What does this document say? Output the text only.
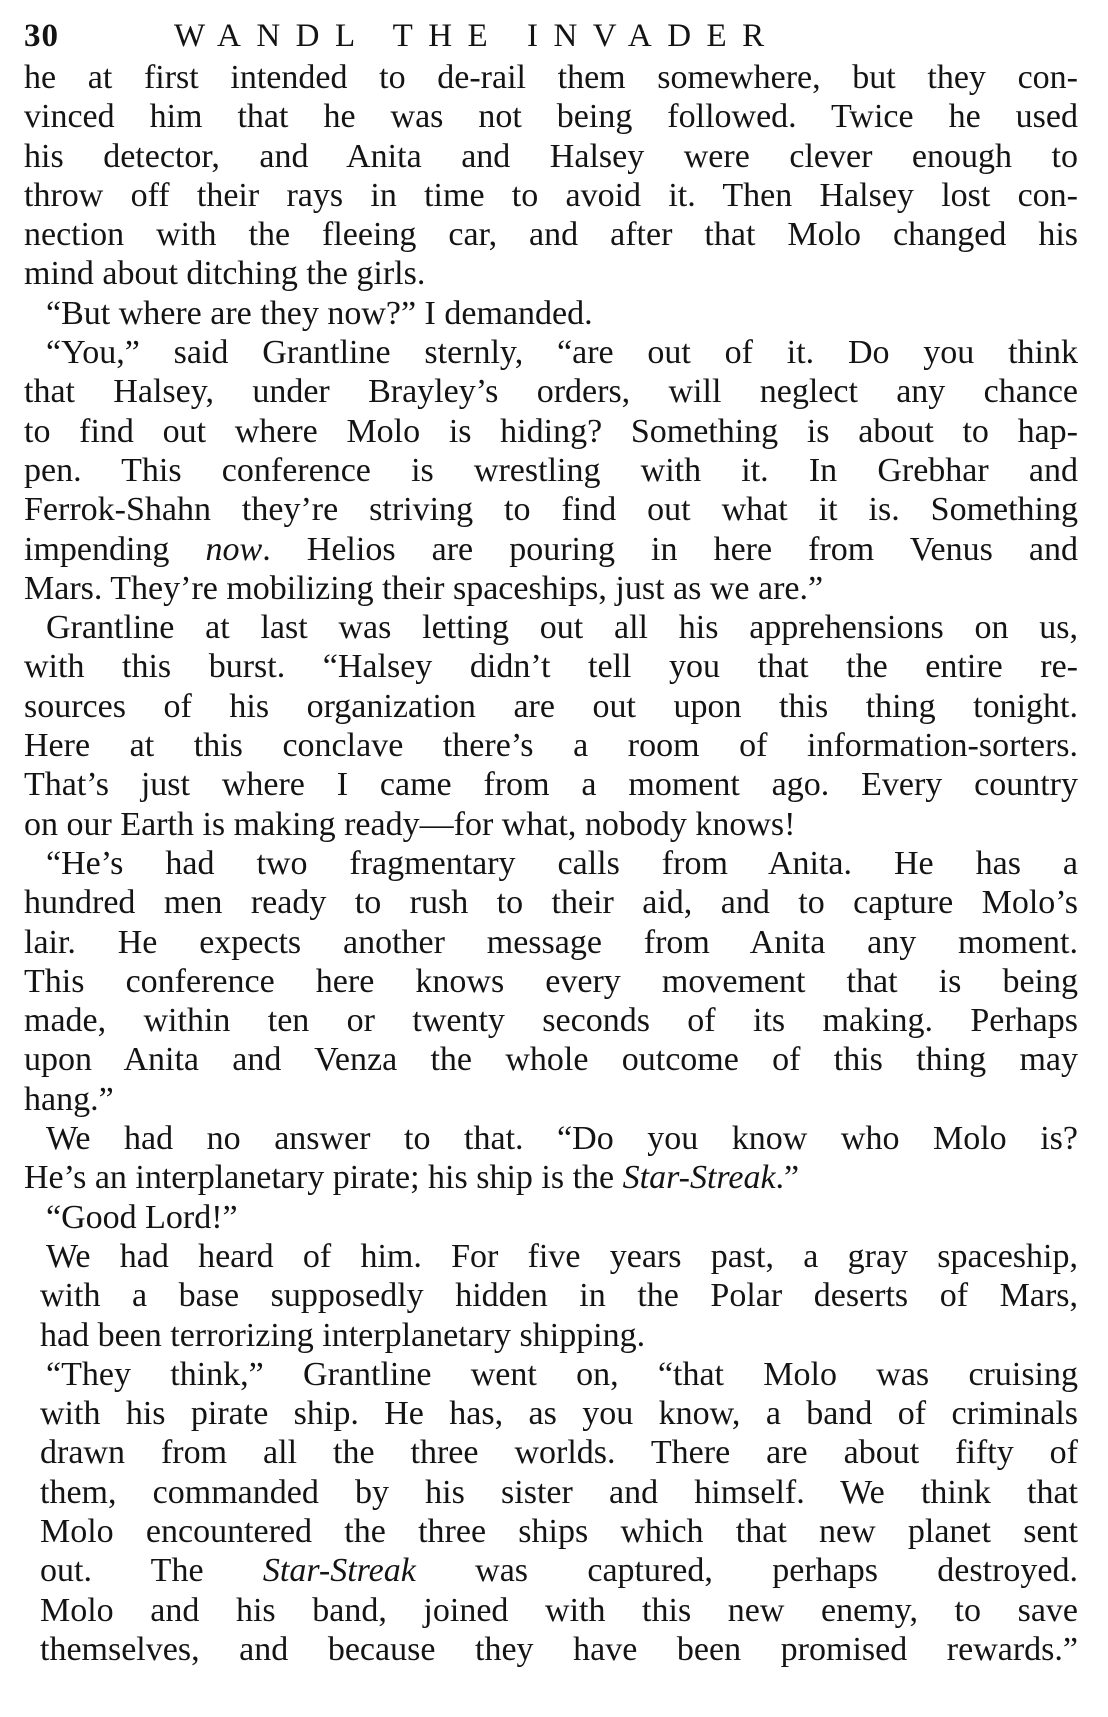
30	WANDL THE INVADER
he at first intended to de-rail them somewhere, but they con-
vinced him that he was not being followed. Twice he used
his detector, and Anita and Halsey were clever enough to
throw off their rays in time to avoid it. Then Halsey lost con-
nection with the fleeing car, and after that Molo changed his
mind about ditching the girls.
“But where are they now?” I demanded.
“You,” said Grantline sternly, “are out of it. Do you think
that Halsey, under Brayley’s orders, will neglect any chance
to find out where Molo is hiding? Something is about to hap-
pen. This conference is wrestling with it. In Grebhar and
Ferrok-Shahn they’re striving to find out what it is. Something
impending now. Helios are pouring in here from Venus and
Mars. They’re mobilizing their spaceships, just as we are.”
Grantline at last was letting out all his apprehensions on us,
with this burst. “Halsey didn’t tell you that the entire re-
sources of his organization are out upon this thing tonight.
Here at this conclave there’s a room of information-sorters.
That’s just where I came from a moment ago. Every country
on our Earth is making ready—for what, nobody knows!
“He’s had two fragmentary calls from Anita. He has a
hundred men ready to rush to their aid, and to capture Molo’s
lair. He expects another message from Anita any moment.
This conference here knows every movement that is being
made, within ten or twenty seconds of its making. Perhaps
upon Anita and Venza the whole outcome of this thing may
hang.”
We had no answer to that. “Do you know who Molo is?
He’s an interplanetary pirate; his ship is the Star-Streak.”
“Good Lord!”
We had heard of him. For five years past, a gray spaceship,
with a base supposedly hidden in the Polar deserts of Mars,
had been terrorizing interplanetary shipping.
“They think,” Grantline went on, “that Molo was cruising
with his pirate ship. He has, as you know, a band of criminals
drawn from all the three worlds. There are about fifty of
them, commanded by his sister and himself. We think that
Molo encountered the three ships which that new planet sent
out. The Star-Streak was captured, perhaps destroyed.
Molo and his band, joined with this new enemy, to save
themselves, and because they have been promised rewards.”
